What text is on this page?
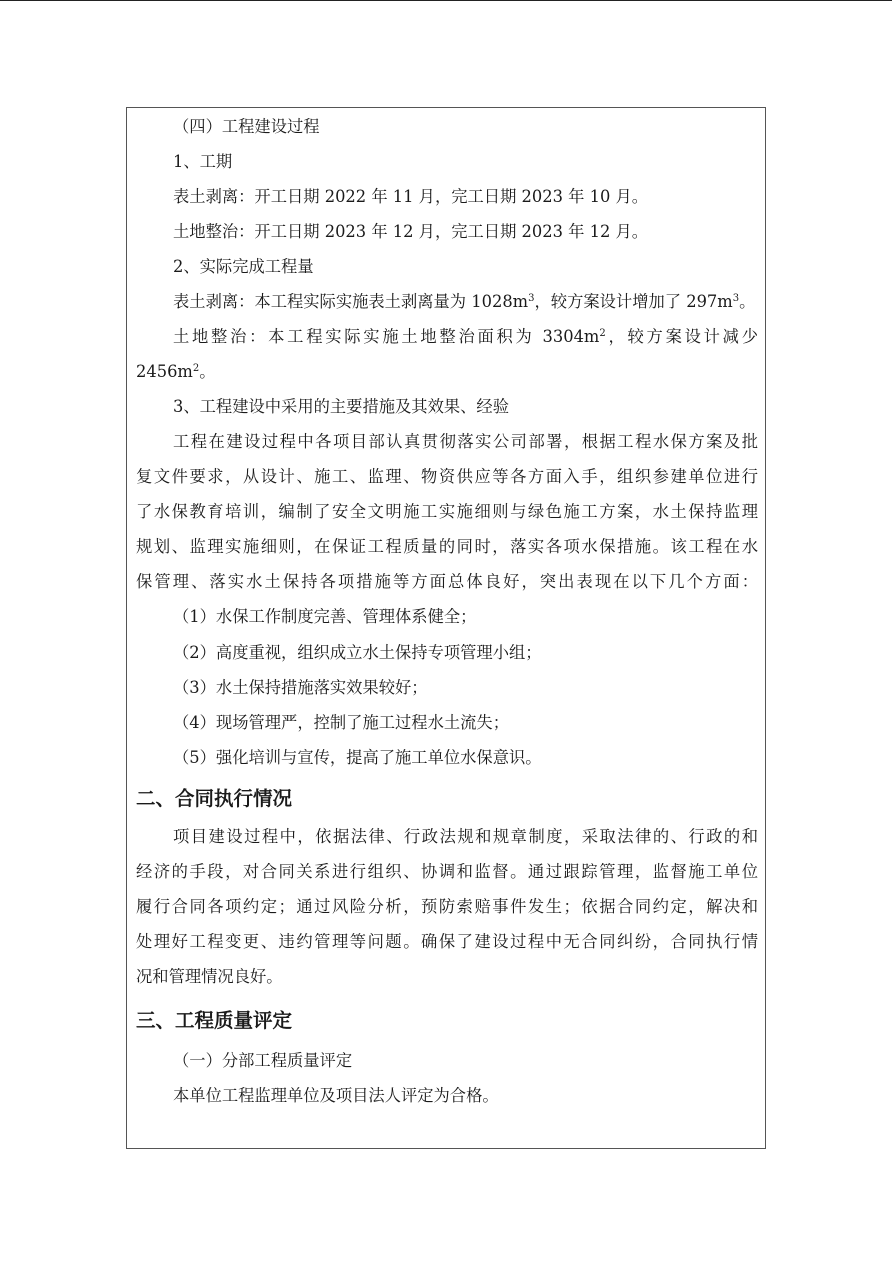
（四）工程建设过程
1、工期
表土剥离：开工日期 2022 年 11 月，完工日期 2023 年 10 月。
土地整治：开工日期 2023 年 12 月，完工日期 2023 年 12 月。
2、实际完成工程量
表土剥离：本工程实际实施表土剥离量为 $1028m^3$，较方案设计增加了 $297m^3$。
土地整治：本工程实际实施土地整治面积为 $3304m^2$，较方案设计减少
$2456m^2$。
3、工程建设中采用的主要措施及其效果、经验
工程在建设过程中各项目部认真贯彻落实公司部署，根据工程水保方案及批
复文件要求，从设计、施工、监理、物资供应等各方面入手，组织参建单位进行
了水保教育培训，编制了安全文明施工实施细则与绿色施工方案，水土保持监理
规划、监理实施细则，在保证工程质量的同时，落实各项水保措施。该工程在水
保管理、落实水土保持各项措施等方面总体良好，突出表现在以下几个方面：
（1）水保工作制度完善、管理体系健全；
（2）高度重视，组织成立水土保持专项管理小组；
（3）水土保持措施落实效果较好；
（4）现场管理严，控制了施工过程水土流失；
（5）强化培训与宣传，提高了施工单位水保意识。
二、合同执行情况
项目建设过程中，依据法律、行政法规和规章制度，采取法律的、行政的和
经济的手段，对合同关系进行组织、协调和监督。通过跟踪管理，监督施工单位
履行合同各项约定；通过风险分析，预防索赔事件发生；依据合同约定，解决和
处理好工程变更、违约管理等问题。确保了建设过程中无合同纠纷，合同执行情
况和管理情况良好。
三、工程质量评定
（一）分部工程质量评定
本单位工程监理单位及项目法人评定为合格。
